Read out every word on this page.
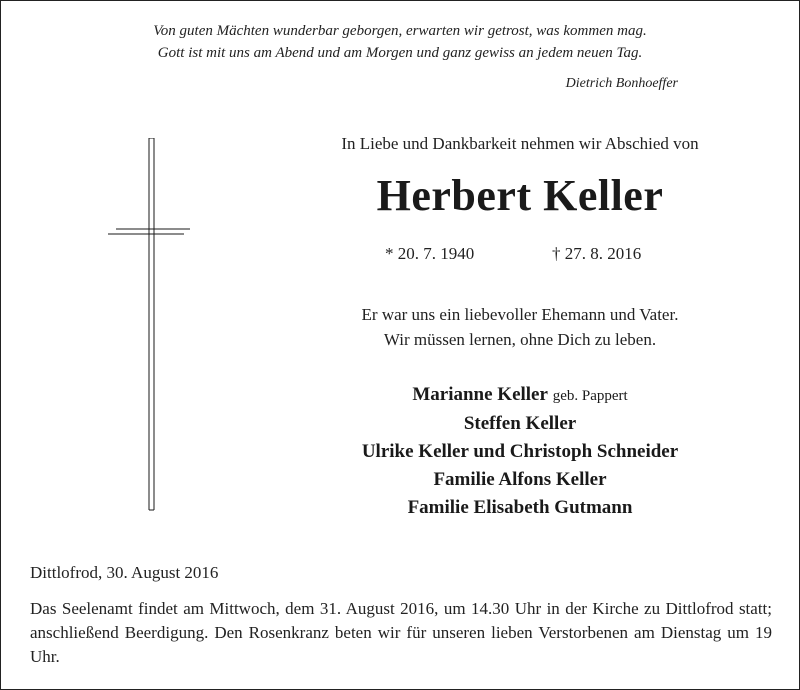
Von guten Mächten wunderbar geborgen, erwarten wir getrost, was kommen mag.
Gott ist mit uns am Abend und am Morgen und ganz gewiss an jedem neuen Tag.
Dietrich Bonhoeffer
In Liebe und Dankbarkeit nehmen wir Abschied von
Herbert Keller
* 20. 7. 1940	† 27. 8. 2016
Er war uns ein liebevoller Ehemann und Vater.
Wir müssen lernen, ohne Dich zu leben.
Marianne Keller geb. Pappert
Steffen Keller
Ulrike Keller und Christoph Schneider
Familie Alfons Keller
Familie Elisabeth Gutmann
Dittlofrod, 30. August 2016
Das Seelenamt findet am Mittwoch, dem 31. August 2016, um 14.30 Uhr in der Kirche zu Dittlofrod statt; anschließend Beerdigung. Den Rosenkranz beten wir für unseren lieben Verstorbenen am Dienstag um 19 Uhr.
